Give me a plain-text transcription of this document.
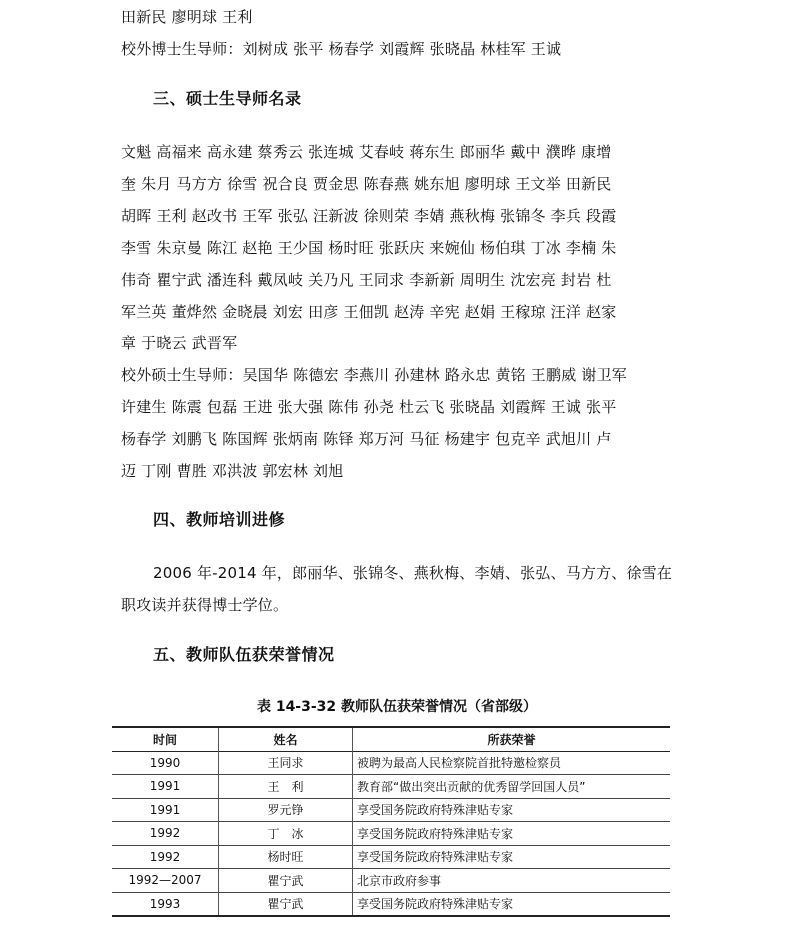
田新民 廖明球 王利
校外博士生导师：刘树成 张平 杨春学 刘霞辉 张晓晶 林桂军 王诚
三、硕士生导师名录
文魁 高福来 高永建 蔡秀云 张连城 艾春岐 蒋东生 郎丽华 戴中 濮晔 康增
奎 朱月 马方方 徐雪 祝合良 贾金思 陈春燕 姚东旭 廖明球 王文举 田新民
胡晖 王利 赵改书 王军 张弘 汪新波 徐则荣 李婧 燕秋梅 张锦冬 李兵 段霞
李雪 朱京曼 陈江 赵艳 王少国 杨时旺 张跃庆 来婉仙 杨伯琪 丁冰 李楠 朱
伟奇 瞿宁武 潘连科 戴凤岐 关乃凡 王同求 李新新 周明生 沈宏亮 封岩 杜
军兰英 董烨然 金晓晨 刘宏 田彦 王佃凯 赵涛 辛宪 赵娟 王稼琼 汪洋 赵家
章 于晓云 武晋军
校外硕士生导师：吴国华 陈德宏 李燕川 孙建林 路永忠 黄铭 王鹏威 谢卫军
许建生 陈震 包磊 王进 张大强 陈伟 孙尧 杜云飞 张晓晶 刘霞辉 王诚 张平
杨春学 刘鹏飞 陈国辉 张炳南 陈铎 郑万河 马征 杨建宇 包克辛 武旭川 卢
迈 丁刚 曹胜 邓洪波 郭宏林 刘旭
四、教师培训进修
2006 年-2014 年，郎丽华、张锦冬、燕秋梅、李婧、张弘、马方方、徐雪在
职攻读并获得博士学位。
五、教师队伍获荣誉情况
表 14-3-32 教师队伍获荣誉情况（省部级）
时间	姓名	所获荣誉
1990	王同求	被聘为最高人民检察院首批特邀检察员
1991	王　利	教育部“做出突出贡献的优秀留学回国人员”
1991	罗元铮	享受国务院政府特殊津贴专家
1992	丁　冰	享受国务院政府特殊津贴专家
1992	杨时旺	享受国务院政府特殊津贴专家
1992—2007	瞿宁武	北京市政府参事
1993	瞿宁武	享受国务院政府特殊津贴专家
